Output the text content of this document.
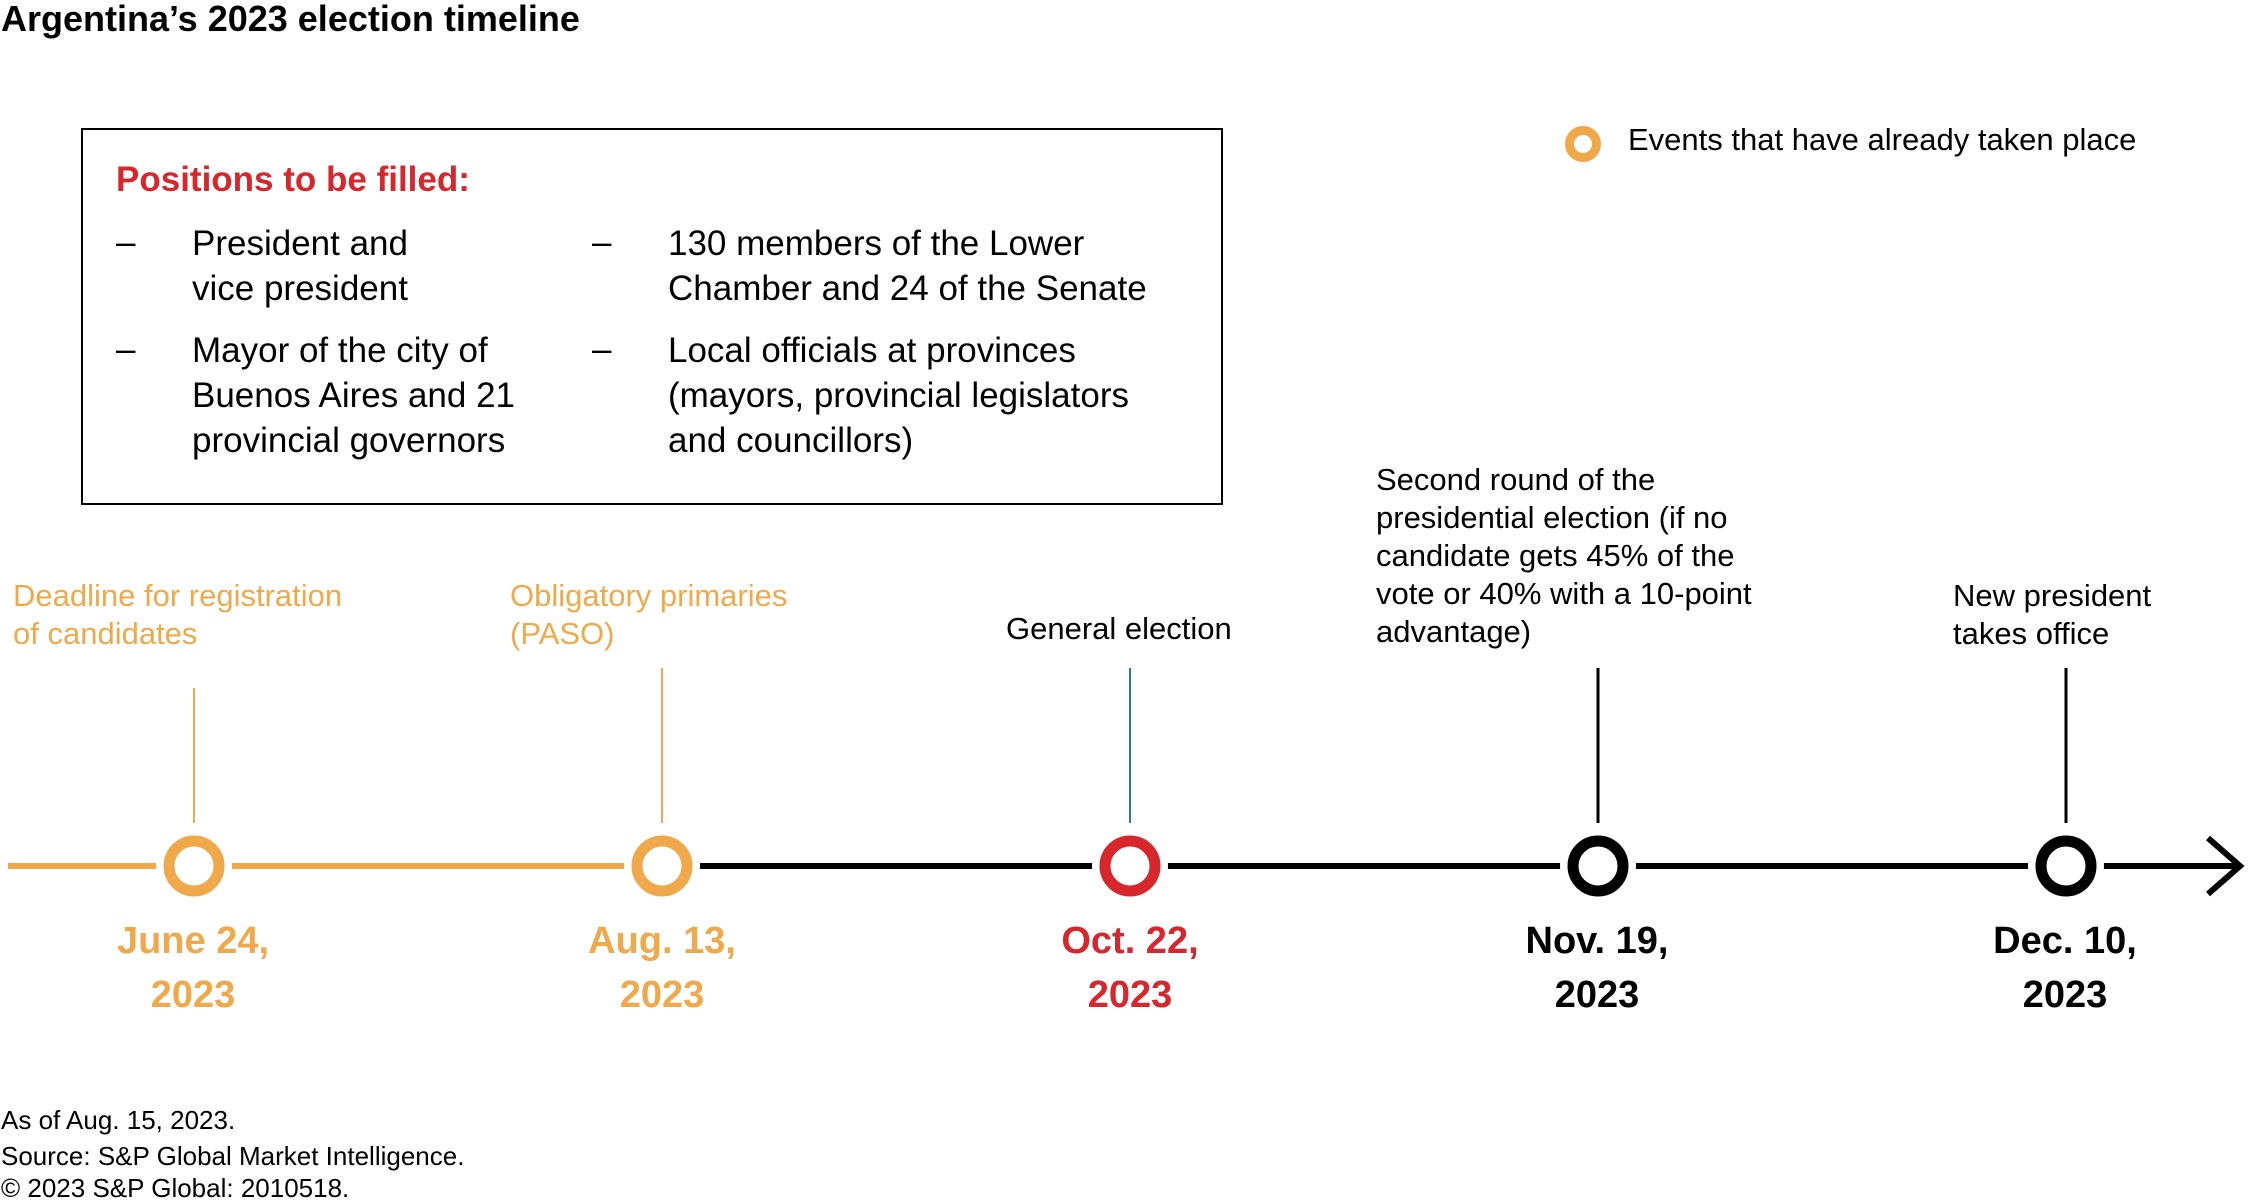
Argentina’s 2023 election timeline
Positions to be filled:
– President and
vice president
– Mayor of the city of
Buenos Aires and 21
provincial governors
– 130 members of the Lower
Chamber and 24 of the Senate
– Local officials at provinces
(mayors, provincial legislators
and councillors)
Events that have already taken place
Deadline for registration
of candidates
Obligatory primaries
(PASO)	General election
Second round of the
presidential election (if no
candidate gets 45% of the
vote or 40% with a 10-point
advantage)
New president
takes office
June 24,
2023
Aug. 13,
2023
Oct. 22,
2023
Nov. 19,
2023
Dec. 10,
2023
As of Aug. 15, 2023.
Source: S&P Global Market Intelligence.
© 2023 S&P Global: 2010518.
